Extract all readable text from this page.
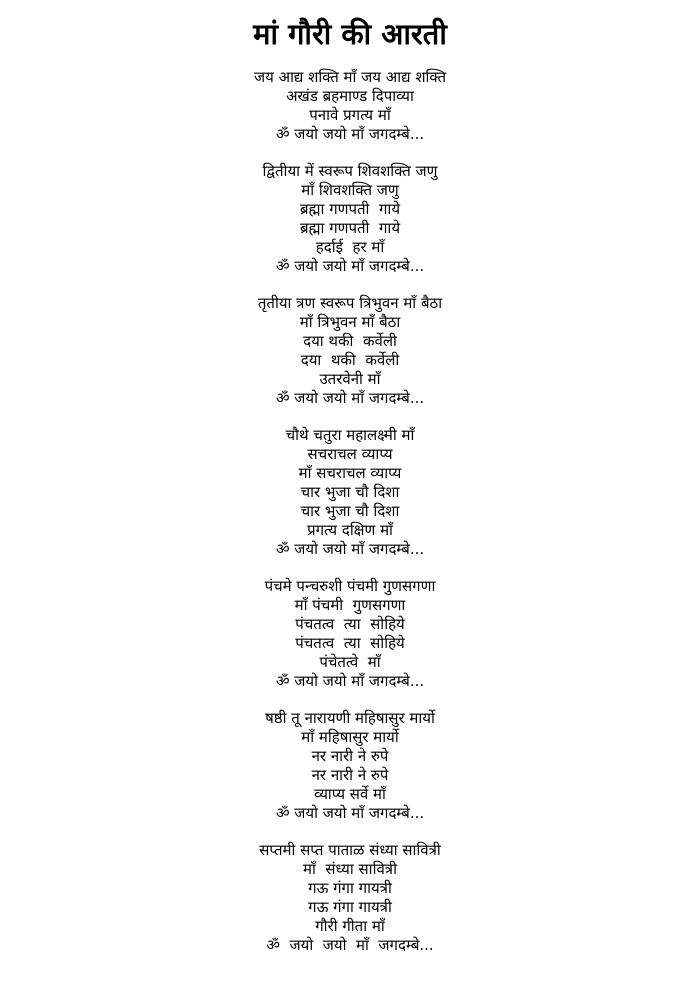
मां गौरी की आरती
जय आद्य शक्ति माँ जय आद्य शक्ति
अखंड ब्रहमाण्ड दिपाव्या
पनावे प्रगत्य माँ
ॐ जयो जयो माँ जगदम्बे...
द्वितीया में स्वरूप शिवशक्ति जणु
माँ शिवशक्ति जणु
ब्रह्मा गणपती  गाये
ब्रह्मा गणपती  गाये
हर्दाई  हर माँ
ॐ जयो जयो माँ जगदम्बे...
तृतीया त्रण स्वरूप त्रिभुवन माँ बैठा
माँ त्रिभुवन माँ बैठा
दया थकी  कर्वेली
दया  थकी  कर्वेली
उतरवेनी माँ
ॐ जयो जयो माँ जगदम्बे...
चौथे चतुरा महालक्ष्मी माँ
सचराचल व्याप्य
माँ सचराचल व्याप्य
चार भुजा चौ दिशा
चार भुजा चौ दिशा
प्रगत्य दक्षिण माँ
ॐ जयो जयो माँ जगदम्बे...
पंचमे पन्चरुशी पंचमी गुणसगणा
माँ पंचमी  गुणसगणा
पंचतत्व  त्या  सोहिये
पंचतत्व  त्या  सोहिये
पंचेतत्वे  माँ
ॐ जयो जयो माँ जगदम्बे...
षष्ठी तू नारायणी महिषासुर मार्यो
माँ महिषासुर मार्यो
नर नारी ने रुपे
नर नारी ने रुपे
व्याप्य सर्वे माँ
ॐ जयो जयो माँ जगदम्बे...
सप्तमी सप्त पाताळ संध्या सावित्री
माँ  संध्या सावित्री
गऊ गंगा गायत्री
गऊ गंगा गायत्री
गौरी गीता माँ
ॐ  जयो  जयो  माँ  जगदम्बे...
